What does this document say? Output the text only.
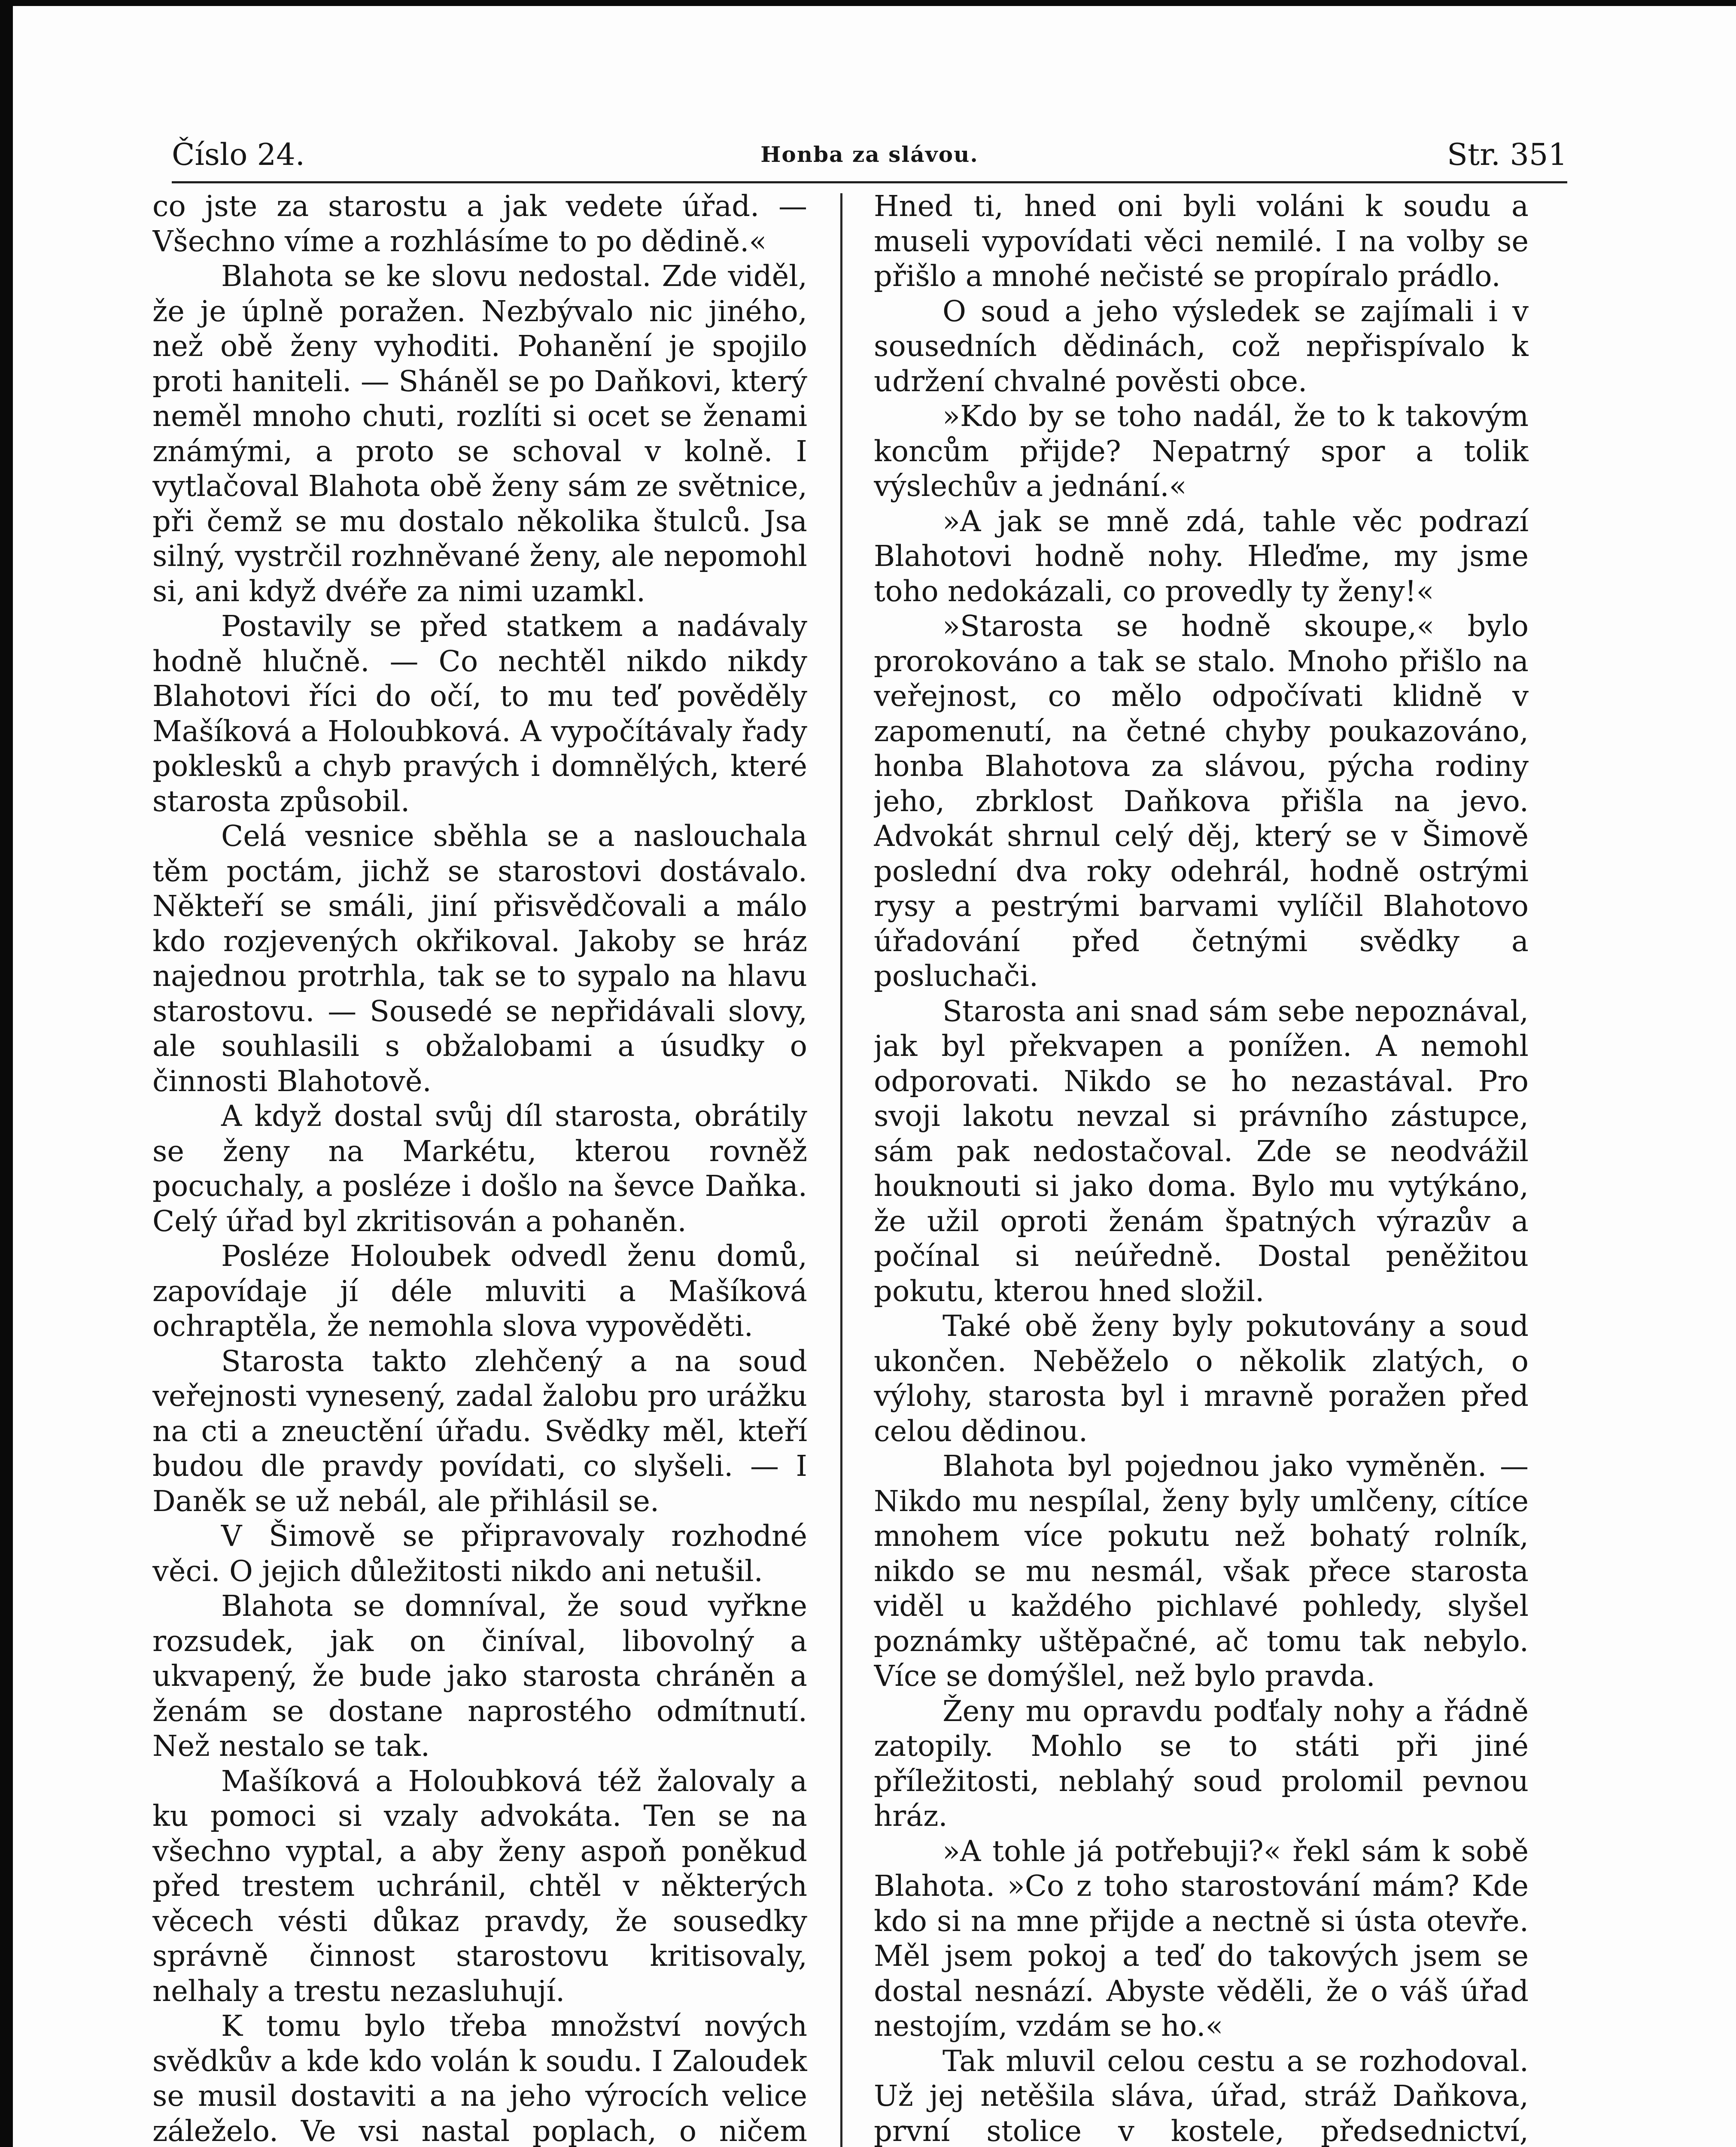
Honba za slávou.
Číslo 24.	Str. 351

co jste za starostu a jak vedete úřad. — Všechno víme a rozhlásíme to po dědině.«

Blahota se ke slovu nedostal. Zde viděl, že je úplně poražen. Nezbývalo nic jiného, než obě ženy vyhoditi. Pohanění je spojilo proti haniteli. — Sháněl se po Daňkovi, který neměl mnoho chuti, rozlíti si ocet se ženami známými, a proto se schoval v kolně. I vytlačoval Blahota obě ženy sám ze světnice, při čemž se mu dostalo několika štulců. Jsa silný, vystrčil rozhněvané ženy, ale nepomohl si, ani když dvéře za nimi uzamkl.

Postavily se před statkem a nadávaly hodně hlučně. — Co nechtěl nikdo nikdy Blahotovi říci do očí, to mu teď pověděly Mašíková a Holoubková. A vypočítávaly řady poklesků a chyb pravých i domnělých, které starosta způsobil.

Celá vesnice sběhla se a naslouchala těm poctám, jichž se starostovi dostávalo. Někteří se smáli, jiní přisvědčovali a málo kdo rozjevených okřikoval. Jakoby se hráz najednou protrhla, tak se to sypalo na hlavu starostovu. — Sousedé se nepřidávali slovy, ale souhlasili s obžalobami a úsudky o činnosti Blahotově.

A když dostal svůj díl starosta, obrátily se ženy na Markétu, kterou rovněž pocuchaly, a posléze i došlo na ševce Daňka. Celý úřad byl zkritisován a pohaněn.

Posléze Holoubek odvedl ženu domů, zapovídaje jí déle mluviti a Mašíková ochraptěla, že nemohla slova vypověděti.

Starosta takto zlehčený a na soud veřejnosti vynesený, zadal žalobu pro urážku na cti a zneuctění úřadu. Svědky měl, kteří budou dle pravdy povídati, co slyšeli. — I Daněk se už nebál, ale přihlásil se.

V Šimově se připravovaly rozhodné věci. O jejich důležitosti nikdo ani netušil.

Blahota se domníval, že soud vyřkne rozsudek, jak on činíval, libovolný a ukvapený, že bude jako starosta chráněn a ženám se dostane naprostého odmítnutí. Než nestalo se tak.

Mašíková a Holoubková též žalovaly a ku pomoci si vzaly advokáta. Ten se na všechno vyptal, a aby ženy aspoň poněkud před trestem uchránil, chtěl v některých věcech vésti důkaz pravdy, že sousedky správně činnost starostovu kritisovaly, nelhaly a trestu nezasluhují.

K tomu bylo třeba množství nových svědkův a kde kdo volán k soudu. I Zaloudek se musil dostaviti a na jeho výrocích velice záleželo. Ve vsi nastal poplach, o ničem

Hned ti, hned oni byli voláni k soudu a museli vypovídati věci nemilé. I na volby se přišlo a mnohé nečisté se propíralo prádlo.

O soud a jeho výsledek se zajímali i v sousedních dědinách, což nepřispívalo k udržení chvalné pověsti obce.

»Kdo by se toho nadál, že to k takovým koncům přijde? Nepatrný spor a tolik výslechův a jednání.«

»A jak se mně zdá, tahle věc podrazí Blahotovi hodně nohy. Hleďme, my jsme toho nedokázali, co provedly ty ženy!«

»Starosta se hodně skoupe,« bylo prorokováno a tak se stalo. Mnoho přišlo na veřejnost, co mělo odpočívati klidně v zapomenutí, na četné chyby poukazováno, honba Blahotova za slávou, pýcha rodiny jeho, zbrklost Daňkova přišla na jevo. Advokát shrnul celý děj, který se v Šimově poslední dva roky odehrál, hodně ostrými rysy a pestrými barvami vylíčil Blahotovo úřadování před četnými svědky a posluchači.

Starosta ani snad sám sebe nepoznával, jak byl překvapen a ponížen. A nemohl odporovati. Nikdo se ho nezastával. Pro svoji lakotu nevzal si právního zástupce, sám pak nedostačoval. Zde se neodvážil houknouti si jako doma. Bylo mu vytýkáno, že užil oproti ženám špatných výrazův a počínal si neúředně. Dostal peněžitou pokutu, kterou hned složil.

Také obě ženy byly pokutovány a soud ukončen. Neběželo o několik zlatých, o výlohy, starosta byl i mravně poražen před celou dědinou.

Blahota byl pojednou jako vyměněn. — Nikdo mu nespílal, ženy byly umlčeny, cítíce mnohem více pokutu než bohatý rolník, nikdo se mu nesmál, však přece starosta viděl u každého pichlavé pohledy, slyšel poznámky uštěpačné, ač tomu tak nebylo. Více se domýšlel, než bylo pravda.

Ženy mu opravdu podťaly nohy a řádně zatopily. Mohlo se to státi při jiné příležitosti, neblahý soud prolomil pevnou hráz.

»A tohle já potřebuji?« řekl sám k sobě Blahota. »Co z toho starostování mám? Kde kdo si na mne přijde a nectně si ústa otevře. Měl jsem pokoj a teď do takových jsem se dostal nesnází. Abyste věděli, že o váš úřad nestojím, vzdám se ho.«

Tak mluvil celou cestu a se rozhodoval. Už jej netěšila sláva, úřad, stráž Daňkova, první stolice v kostele, předsednictví,
